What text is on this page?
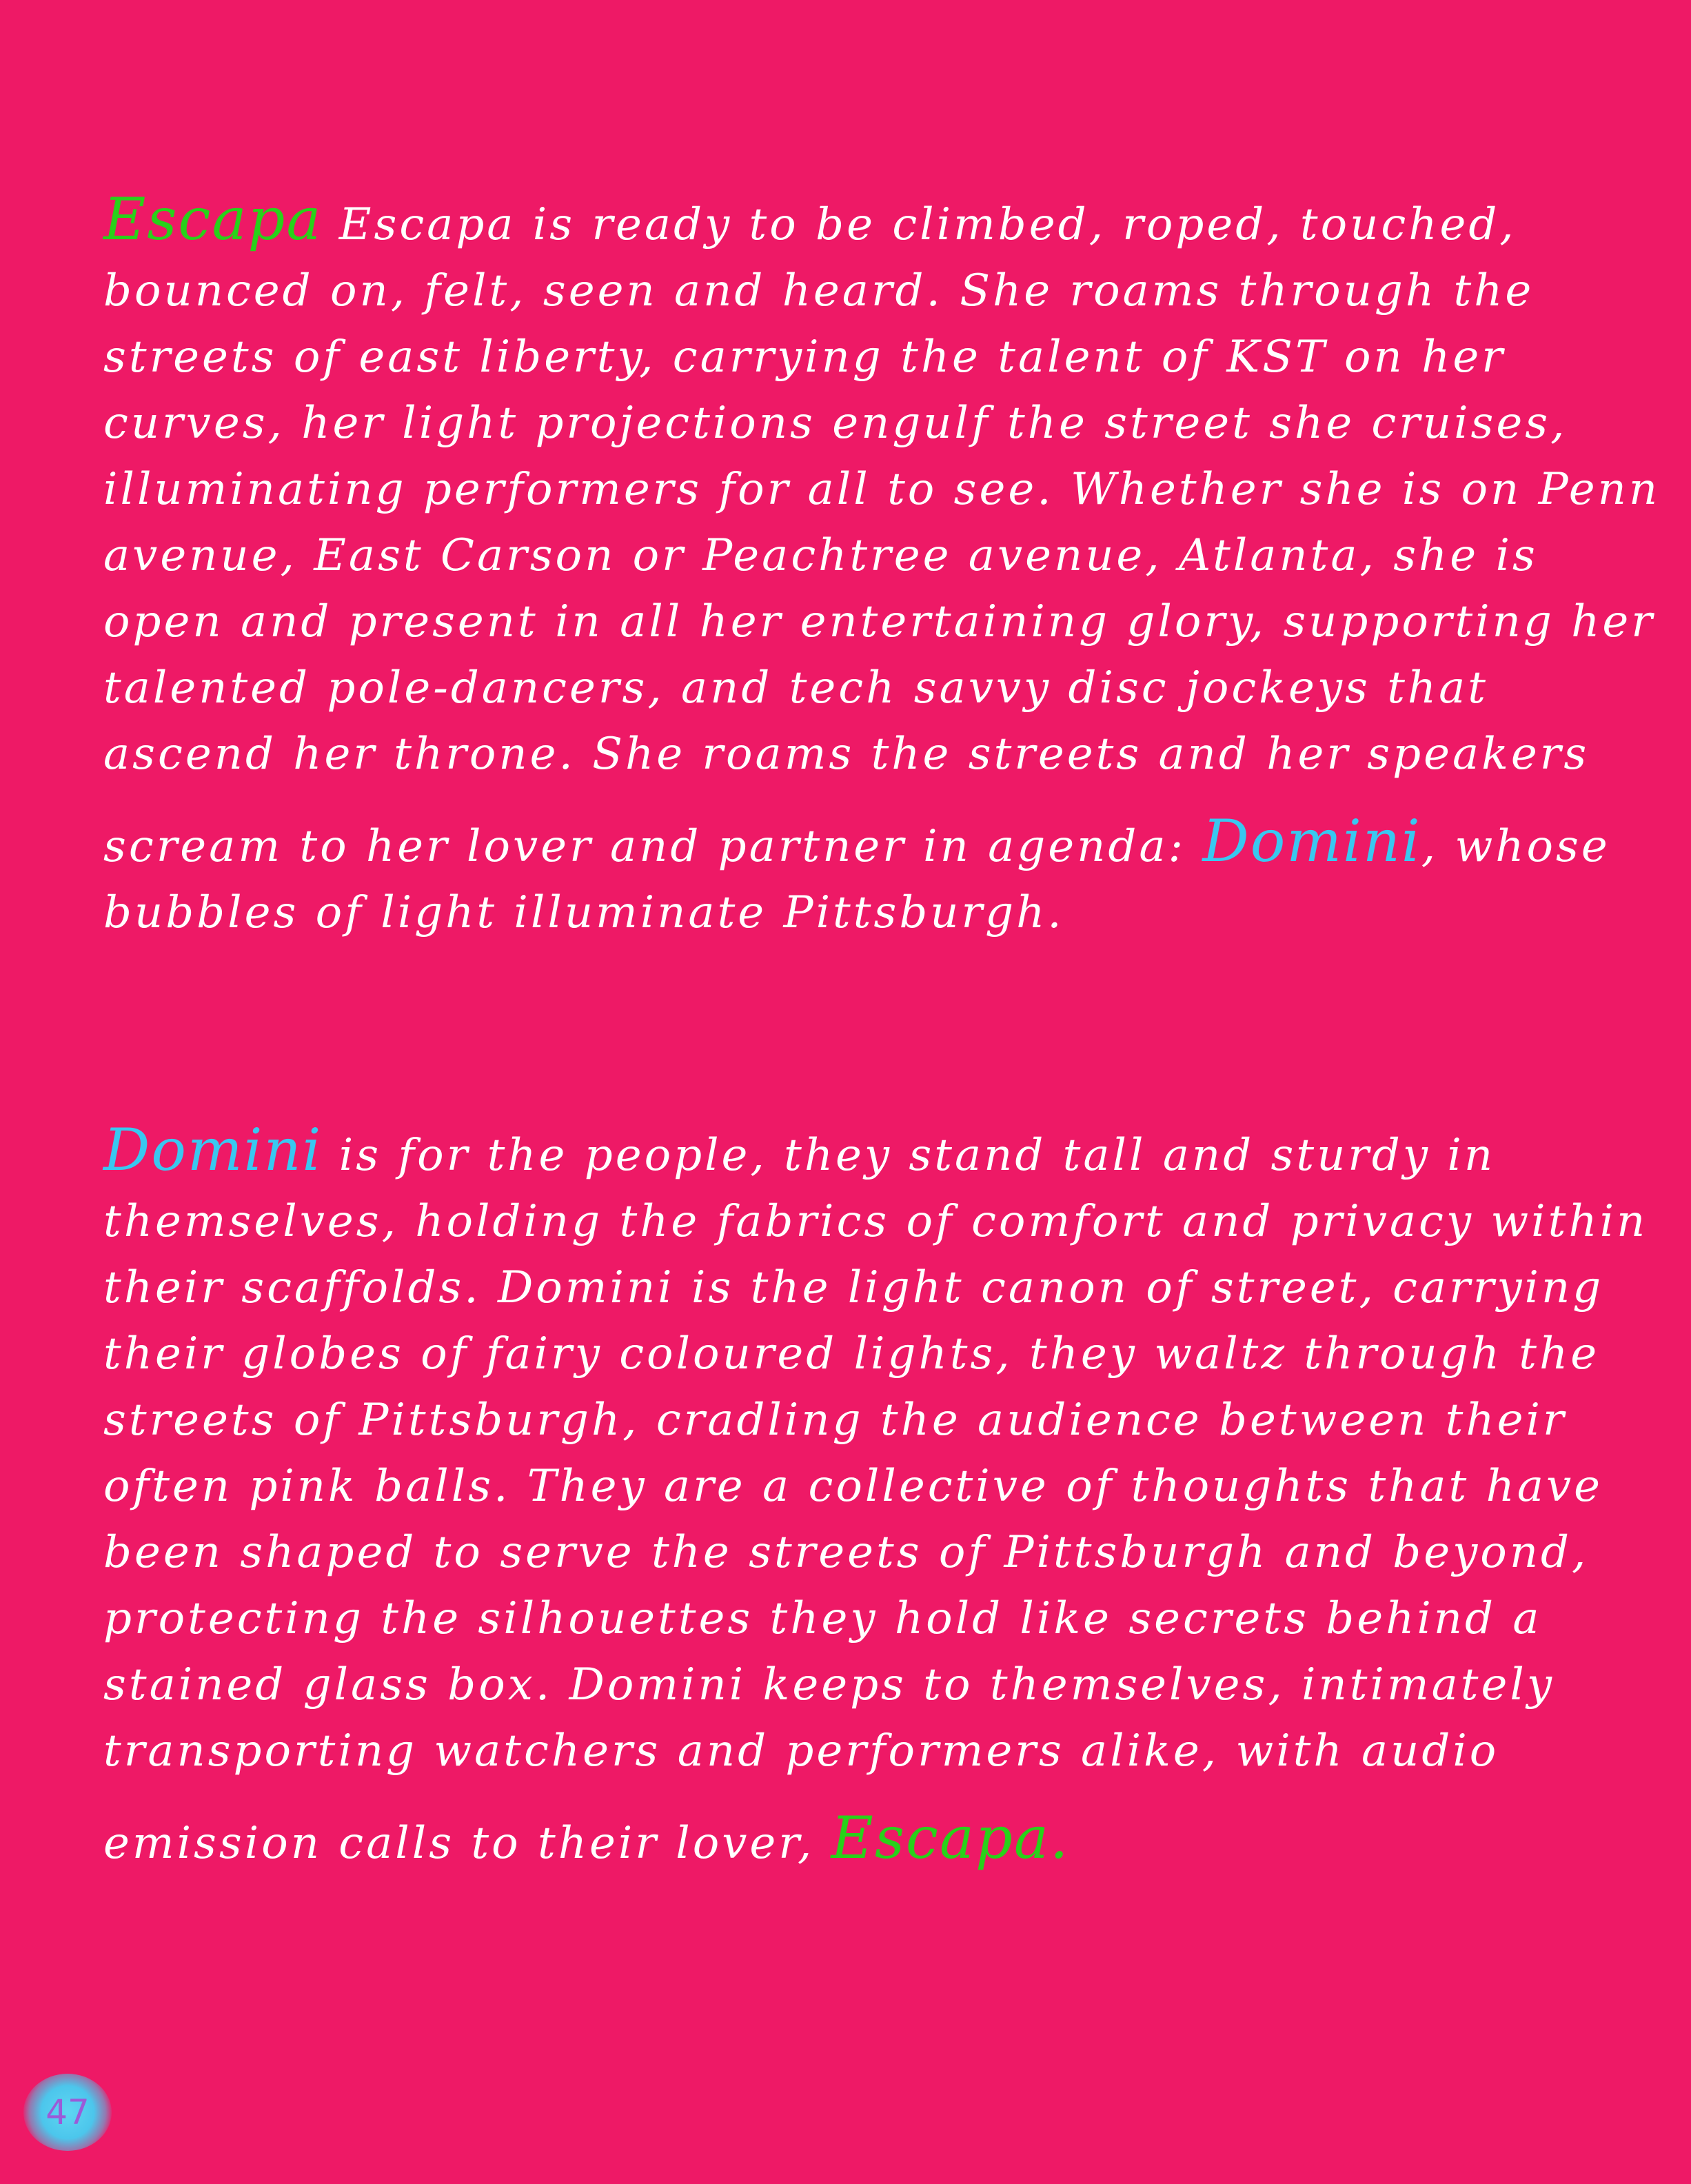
Escapa Escapa is ready to be climbed, roped, touched,
bounced on, felt, seen and heard. She roams through the
streets of east liberty, carrying the talent of KST on her
curves, her light projections engulf the street she cruises,
illuminating performers for all to see. Whether she is on Penn
avenue, East Carson or Peachtree avenue, Atlanta, she is
open and present in all her entertaining glory, supporting her
talented pole-dancers, and tech savvy disc jockeys that
ascend her throne. She roams the streets and her speakers
scream to her lover and partner in agenda: Domini, whose
bubbles of light illuminate Pittsburgh.
Domini is for the people, they stand tall and sturdy in
themselves, holding the fabrics of comfort and privacy within
their scaffolds. Domini is the light canon of street, carrying
their globes of fairy coloured lights, they waltz through the
streets of Pittsburgh, cradling the audience between their
often pink balls. They are a collective of thoughts that have
been shaped to serve the streets of Pittsburgh and beyond,
protecting the silhouettes they hold like secrets behind a
stained glass box. Domini keeps to themselves, intimately
transporting watchers and performers alike, with audio
emission calls to their lover, Escapa.
47
